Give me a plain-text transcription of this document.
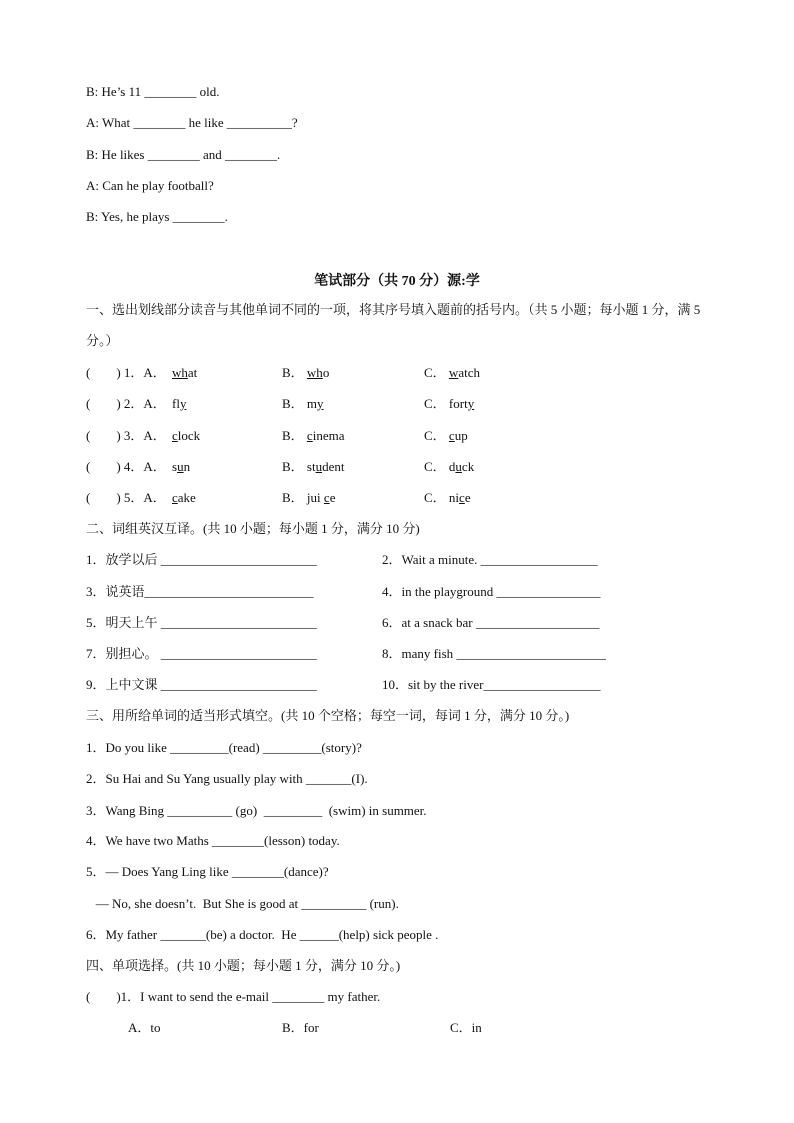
B: He’s 11 ________ old.
A: What ________ he like __________?
B: He likes ________ and ________.
A: Can he play football?
B: Yes, he plays ________.
笔试部分（共 70 分）源:学
一、选出划线部分读音与其他单词不同的一项，将其序号填入题前的括号内。（共 5 小题；每小题 1 分，满 5 分。）
(　　) 1．A． what	B． who	C． watch
(　　) 2．A． fly	B． my	C． forty
(　　) 3．A． clock	B． cinema	C． cup
(　　) 4．A． sun	B． student	C． duck
(　　) 5．A． cake	B． jui ce	C． nice
二、词组英汉互译。(共 10 小题；每小题 1 分，满分 10 分)
1．放学以后 ________________________	2．Wait a minute. __________________
3．说英语__________________________	4．in the playground ________________
5．明天上午 ________________________	6．at a snack bar ___________________
7．别担心。 ________________________	8．many fish _______________________
9．上中文课 ________________________	10．sit by the river__________________
三、用所给单词的适当形式填空。(共 10 个空格；每空一词，每词 1 分，满分 10 分。)
1．Do you like _________(read) _________(story)?
2．Su Hai and Su Yang usually play with _______(I).
3．Wang Bing __________ (go)  _________  (swim) in summer.
4．We have two Maths ________(lesson) today.
5．— Does Yang Ling like ________(dance)?
— No, she doesn’t.  But She is good at __________ (run).
6．My father _______(be) a doctor.  He ______(help) sick people .
四、单项选择。(共 10 小题；每小题 1 分，满分 10 分。)
(　　)1．I want to send the e-mail ________ my father.
A．to	B．for	C．in
